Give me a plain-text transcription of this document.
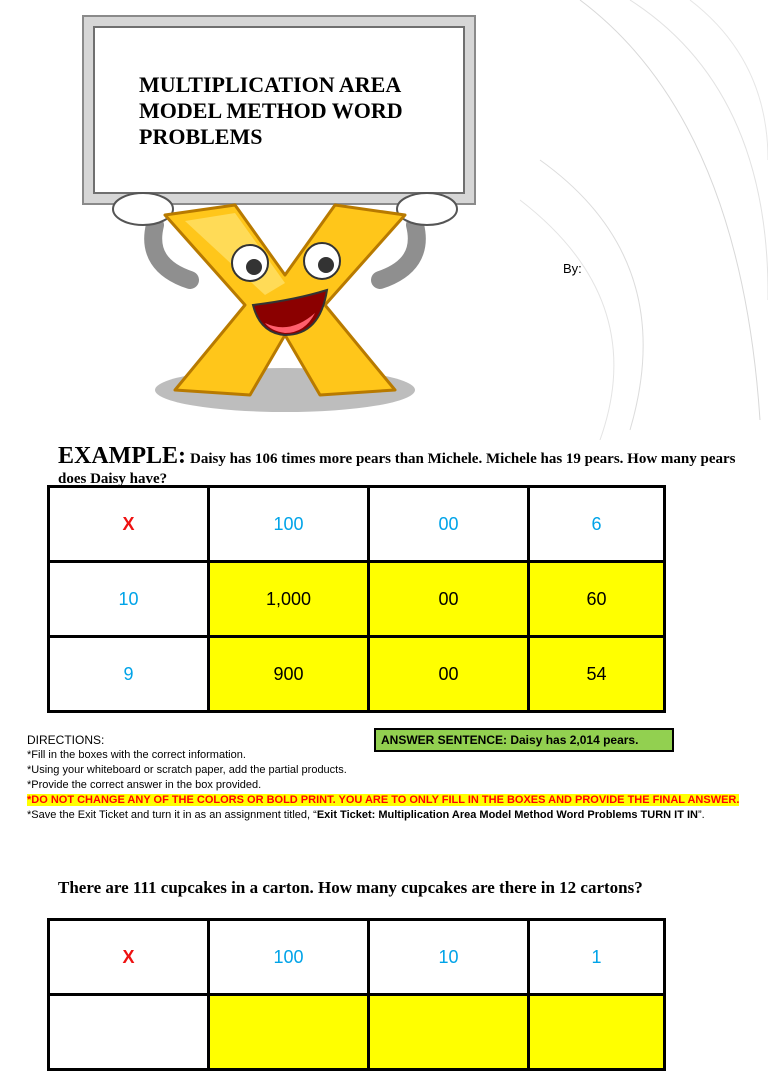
MULTIPLICATION AREA MODEL METHOD WORD PROBLEMS
By:
EXAMPLE: Daisy has 106 times more pears than Michele. Michele has 19 pears. How many pears does Daisy have?
X	100	00	6
10	1,000	00	60
9	900	00	54
ANSWER SENTENCE: Daisy has 2,014 pears.
DIRECTIONS:
*Fill in the boxes with the correct information.
*Using your whiteboard or scratch paper, add the partial products.
*Provide the correct answer in the box provided.
*DO NOT CHANGE ANY OF THE COLORS OR BOLD PRINT. YOU ARE TO ONLY FILL IN THE BOXES AND PROVIDE THE FINAL ANSWER.
*Save the Exit Ticket and turn it in as an assignment titled, “Exit Ticket: Multiplication Area Model Method Word Problems TURN IT IN”.
There are 111 cupcakes in a carton. How many cupcakes are there in 12 cartons?
X	100	10	1
